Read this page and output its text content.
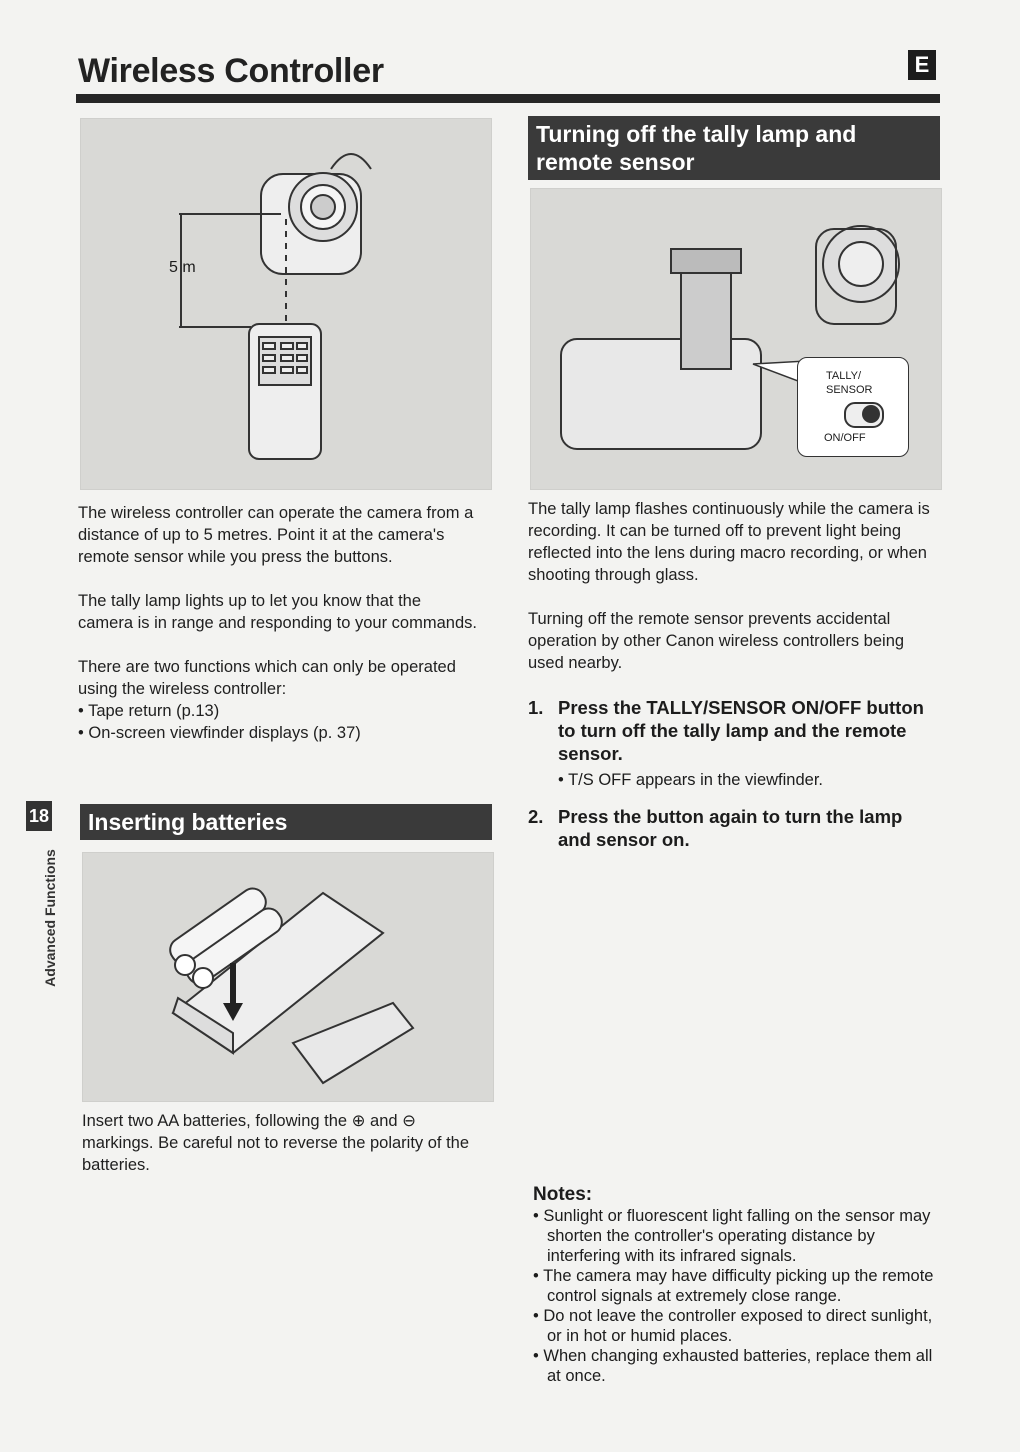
Wireless Controller	E
18
Advanced Functions
5 m

The wireless controller can operate the camera from a distance of up to 5 metres. Point it at the camera's remote sensor while you press the buttons.

The tally lamp lights up to let you know that the camera is in range and responding to your commands.

There are two functions which can only be operated using the wireless controller:

• Tape return (p.13)
• On-screen viewfinder displays (p. 37)
Inserting batteries
Insert two AA batteries, following the ⊕ and ⊖ markings. Be careful not to reverse the polarity of the batteries.
Turning off the tally lamp and remote sensor
TALLY/
SENSOR
ON/OFF

The tally lamp flashes continuously while the camera is recording. It can be turned off to prevent light being reflected into the lens during macro recording, or when shooting through glass.

Turning off the remote sensor prevents accidental operation by other Canon wireless controllers being used nearby.

1. Press the TALLY/SENSOR ON/OFF button to turn off the tally lamp and the remote sensor.
• T/S OFF appears in the viewfinder.
2. Press the button again to turn the lamp and sensor on.
Notes:
• Sunlight or fluorescent light falling on the sensor may shorten the controller's operating distance by interfering with its infrared signals.
• The camera may have difficulty picking up the remote control signals at extremely close range.
• Do not leave the controller exposed to direct sunlight, or in hot or humid places.
• When changing exhausted batteries, replace them all at once.
